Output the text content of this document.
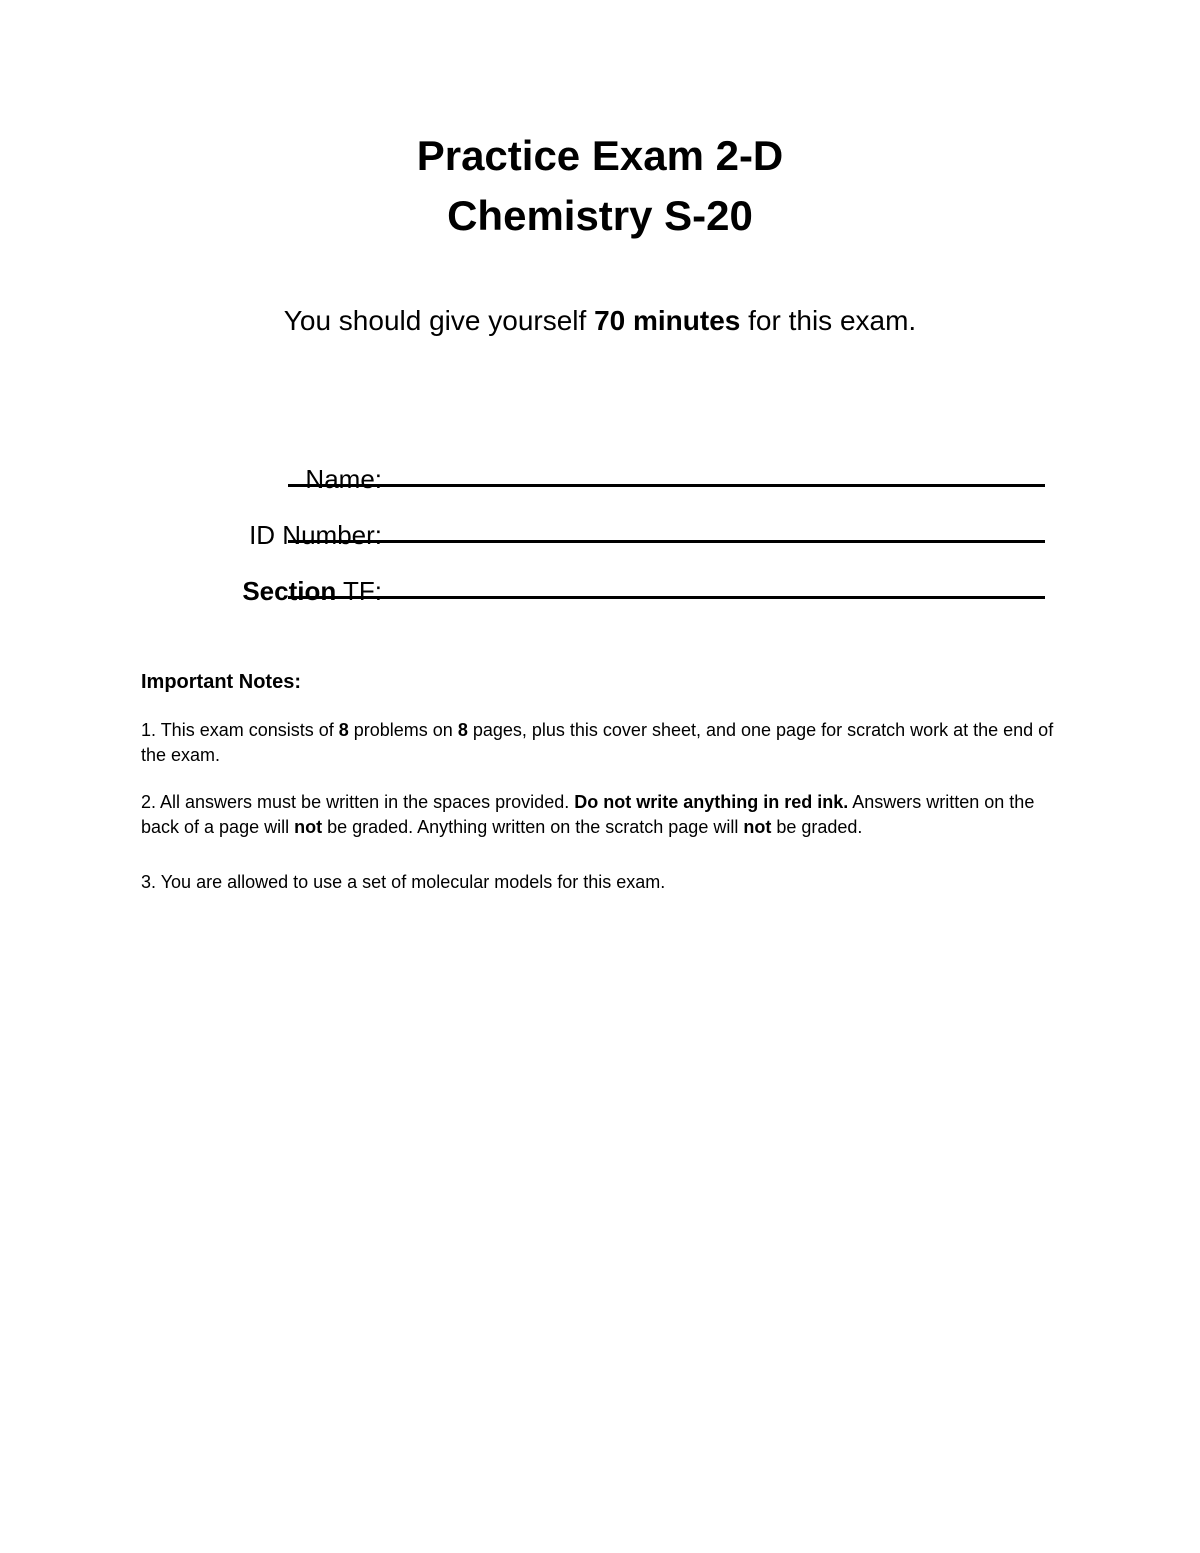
Practice Exam 2-D
Chemistry S-20

You should give yourself 70 minutes for this exam.

Name:
ID Number:
Section TF:

Important Notes:

1. This exam consists of 8 problems on 8 pages, plus this cover sheet, and one page for scratch work at the end of the exam.

2. All answers must be written in the spaces provided. Do not write anything in red ink. Answers written on the back of a page will not be graded. Anything written on the scratch page will not be graded.

3. You are allowed to use a set of molecular models for this exam.
